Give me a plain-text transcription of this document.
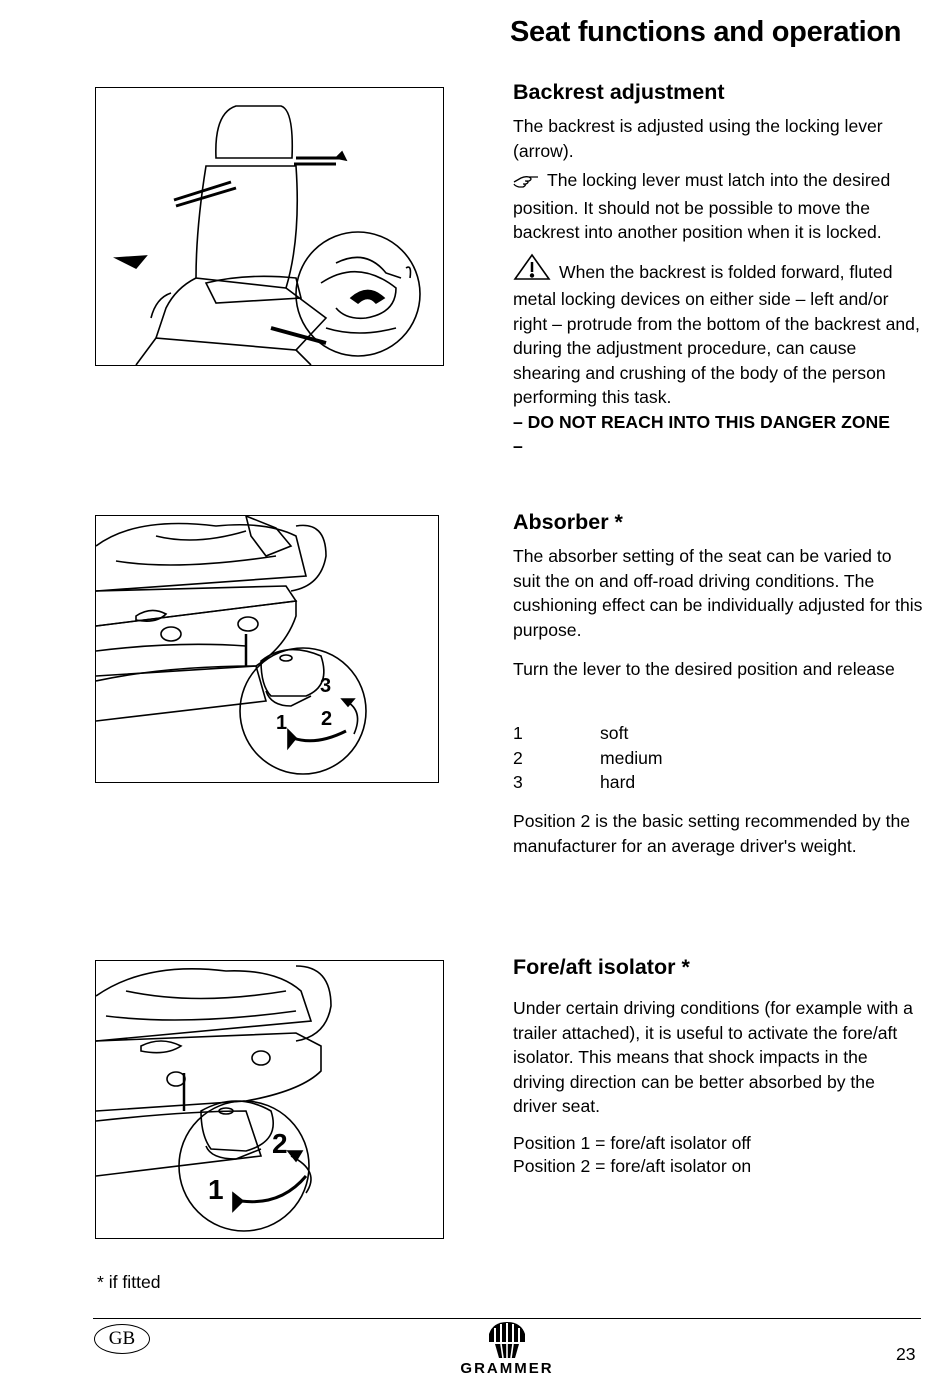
Seat functions and operation
Backrest adjustment

The backrest is adjusted using the locking lever (arrow).

The locking lever must latch into the desired position. It should not be possible to move the backrest into another position when it is locked.

When the backrest is folded forward, fluted metal locking devices on either side – left and/or right – protrude from the bottom of the backrest and, during the adjustment procedure, can cause shearing and crushing of the body of the person performing this task.

– DO NOT REACH INTO THIS DANGER ZONE –

3
1 2
Absorber *
The absorber setting of the seat can be varied to suit the on and off-road driving conditions. The cushioning effect can be individually adjusted for this purpose.
Turn the lever to the desired position and release
1	soft
2	medium
3	hard
Position 2 is the basic setting recommended by the manufacturer for an average driver's weight.
2
1
Fore/aft isolator *
Under certain driving conditions (for example with a trailer attached), it is useful to activate the fore/aft isolator. This means that shock impacts in the driving direction can be better absorbed by the driver seat.
Position 1 = fore/aft isolator off
Position 2 = fore/aft isolator on
* if fitted
GB
GRAMMER
23
